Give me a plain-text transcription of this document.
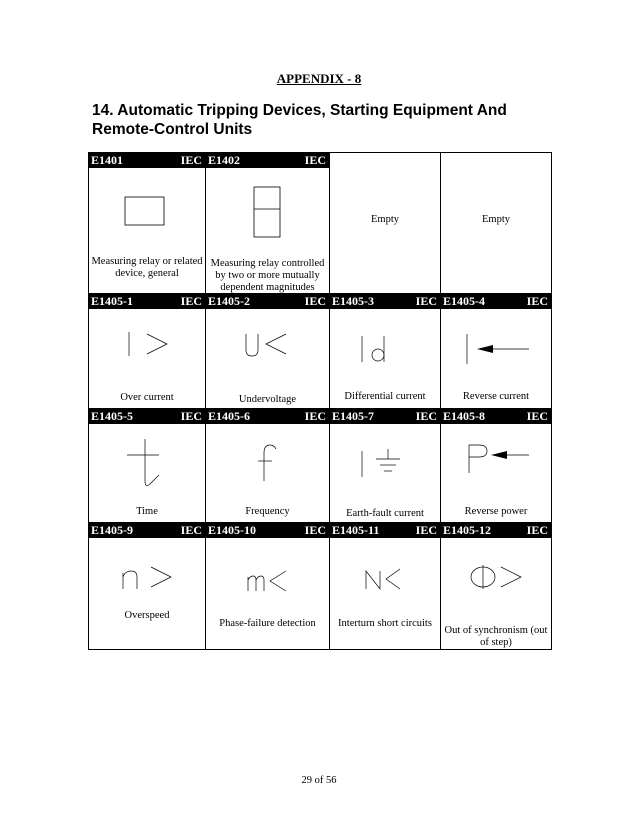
APPENDIX - 8
14. Automatic Tripping Devices, Starting Equipment And Remote-Control Units
E1401	IEC
Measuring relay or related device, general
E1402	IEC
Measuring relay controlled by two or more mutually dependent magnitudes
Empty	Empty
E1405-1	IEC
Over current
E1405-2	IEC
Undervoltage
E1405-3	IEC
Differential current
E1405-4	IEC
Reverse current
E1405-5	IEC
Time
E1405-6	IEC
Frequency
E1405-7	IEC
Earth-fault current
E1405-8	IEC
Reverse power
E1405-9	IEC
Overspeed
E1405-10	IEC
Phase-failure detection
E1405-11	IEC
Interturn short circuits
E1405-12	IEC
Out of synchronism (out of step)
29 of 56
